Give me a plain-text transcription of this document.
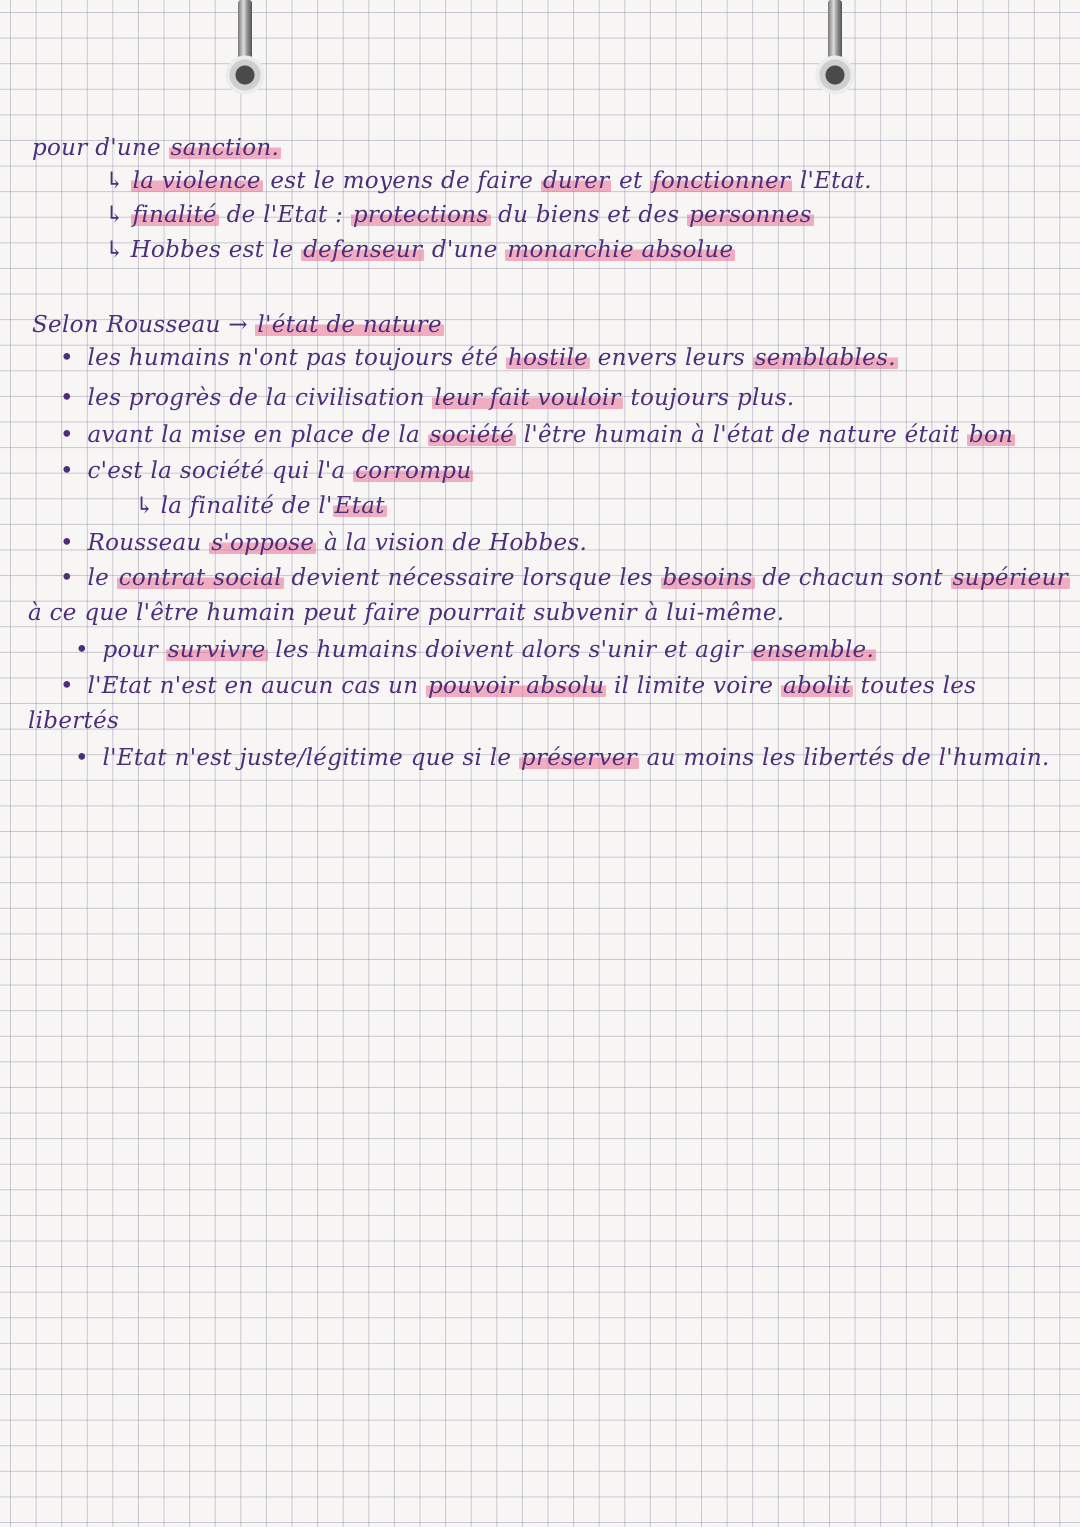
pour d'une sanction.
↳ la violence est le moyens de faire durer et fonctionner l'Etat.
↳ finalité de l'Etat : protections du biens et des personnes
↳ Hobbes est le defenseur d'une monarchie absolue
Selon Rousseau → l'état de nature
• les humains n'ont pas toujours été hostile envers leurs semblables.
• les progrès de la civilisation leur fait vouloir toujours plus.
• avant la mise en place de la société l'être humain à l'état de nature était bon
• c'est la société qui l'a corrompu
↳ la finalité de l'Etat
• Rousseau s'oppose à la vision de Hobbes.
• le contrat social devient nécessaire lorsque les besoins de chacun sont supérieur
à ce que l'être humain peut faire pourrait subvenir à lui-même.
• pour survivre les humains doivent alors s'unir et agir ensemble.
• l'Etat n'est en aucun cas un pouvoir absolu il limite voire abolit toutes les
libertés
• l'Etat n'est juste/légitime que si le préserver au moins les libertés de l'humain.
